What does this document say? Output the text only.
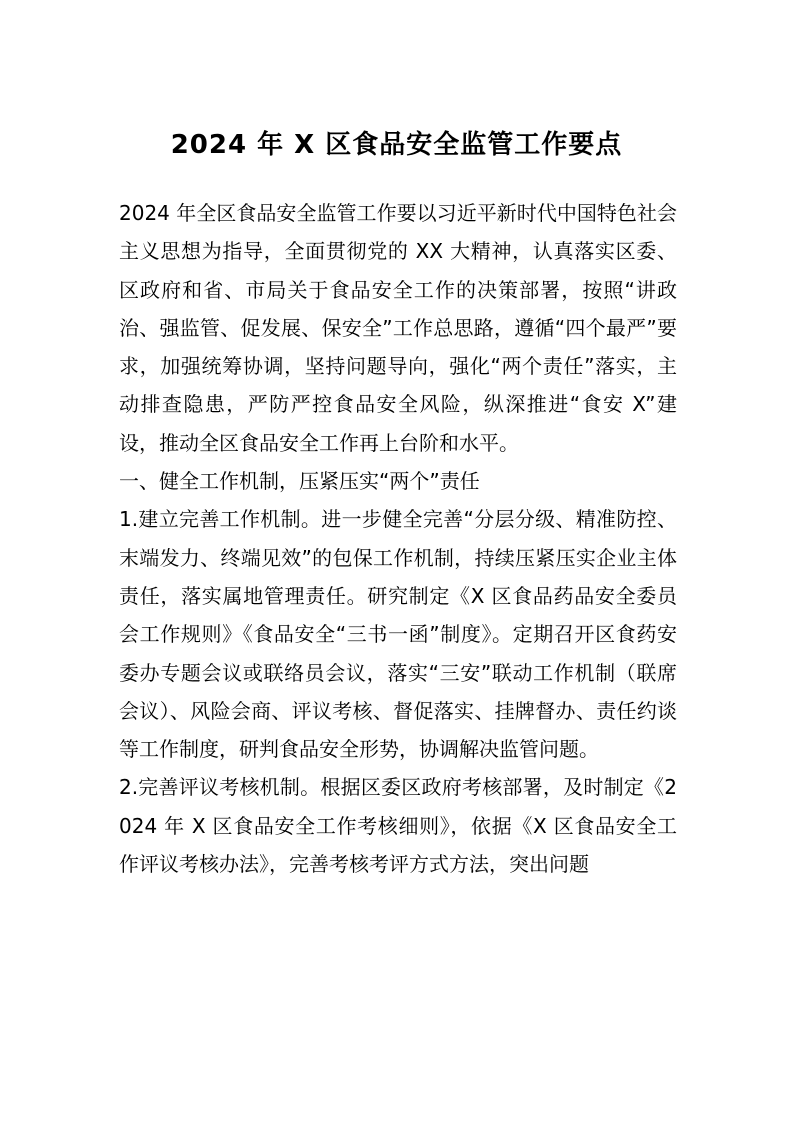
2024 年 X 区食品安全监管工作要点

2024 年全区食品安全监管工作要以习近平新时代中国特色社会主义思想为指导，全面贯彻党的 XX 大精神，认真落实区委、区政府和省、市局关于食品安全工作的决策部署，按照“讲政治、强监管、促发展、保安全”工作总思路，遵循“四个最严”要求，加强统筹协调，坚持问题导向，强化“两个责任”落实，主动排查隐患，严防严控食品安全风险，纵深推进“食安 X”建设，推动全区食品安全工作再上台阶和水平。

一、健全工作机制，压紧压实“两个”责任

1.建立完善工作机制。进一步健全完善“分层分级、精准防控、末端发力、终端见效”的包保工作机制，持续压紧压实企业主体责任，落实属地管理责任。研究制定《X 区食品药品安全委员会工作规则》《食品安全“三书一函”制度》。定期召开区食药安委办专题会议或联络员会议，落实“三安”联动工作机制（联席会议）、风险会商、评议考核、督促落实、挂牌督办、责任约谈等工作制度，研判食品安全形势，协调解决监管问题。

2.完善评议考核机制。根据区委区政府考核部署，及时制定《2024 年 X 区食品安全工作考核细则》，依据《X 区食品安全工作评议考核办法》，完善考核考评方式方法，突出问题
